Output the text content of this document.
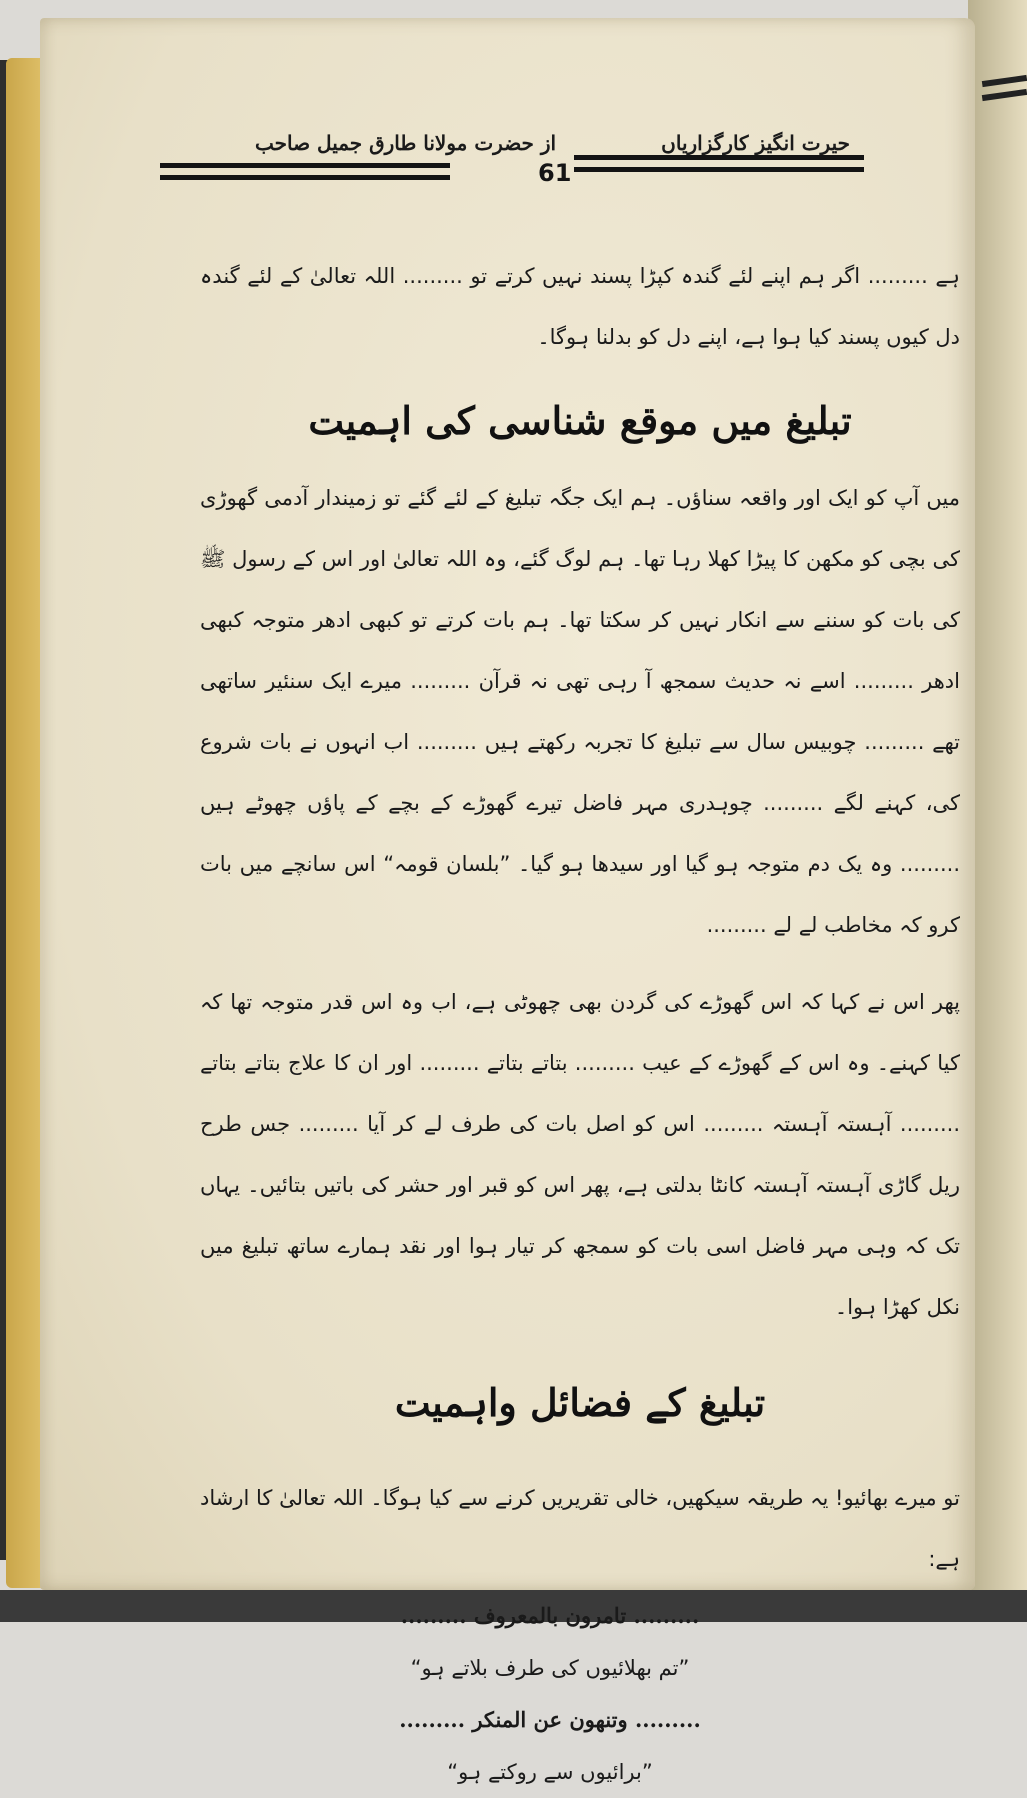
حیرت انگیز کارگزاریاں
از حضرت مولانا طارق جمیل صاحب
61

ہے ......... اگر ہم اپنے لئے گندہ کپڑا پسند نہیں کرتے تو ......... اللہ تعالیٰ کے لئے گندہ دل کیوں پسند کیا ہوا ہے، اپنے دل کو بدلنا ہوگا۔

تبلیغ میں موقع شناسی کی اہمیت

میں آپ کو ایک اور واقعہ سناؤں۔ ہم ایک جگہ تبلیغ کے لئے گئے تو زمیندار آدمی گھوڑی کی بچی کو مکھن کا پیڑا کھلا رہا تھا۔ ہم لوگ گئے، وہ اللہ تعالیٰ اور اس کے رسول ﷺ کی بات کو سننے سے انکار نہیں کر سکتا تھا۔ ہم بات کرتے تو کبھی ادھر متوجہ کبھی ادھر ......... اسے نہ حدیث سمجھ آ رہی تھی نہ قرآن ......... میرے ایک سنئیر ساتھی تھے ......... چوبیس سال سے تبلیغ کا تجربہ رکھتے ہیں ......... اب انہوں نے بات شروع کی، کہنے لگے ......... چوہدری مہر فاضل تیرے گھوڑے کے بچے کے پاؤں چھوٹے ہیں ......... وہ یک دم متوجہ ہو گیا اور سیدھا ہو گیا۔ ”بلسان قومہ“ اس سانچے میں بات کرو کہ مخاطب لے لے .........

پھر اس نے کہا کہ اس گھوڑے کی گردن بھی چھوٹی ہے، اب وہ اس قدر متوجہ تھا کہ کیا کہنے۔ وہ اس کے گھوڑے کے عیب ......... بتاتے بتاتے ......... اور ان کا علاج بتاتے بتاتے ......... آہستہ آہستہ ......... اس کو اصل بات کی طرف لے کر آیا ......... جس طرح ریل گاڑی آہستہ آہستہ کانٹا بدلتی ہے، پھر اس کو قبر اور حشر کی باتیں بتائیں۔ یہاں تک کہ وہی مہر فاضل اسی بات کو سمجھ کر تیار ہوا اور نقد ہمارے ساتھ تبلیغ میں نکل کھڑا ہوا۔

تبلیغ کے فضائل واہمیت

تو میرے بھائیو! یہ طریقہ سیکھیں، خالی تقریریں کرنے سے کیا ہوگا۔ اللہ تعالیٰ کا ارشاد ہے:

......... تامرون بالمعروف .........

”تم بھلائیوں کی طرف بلاتے ہو“

......... وتنھون عن المنکر .........

”برائیوں سے روکتے ہو“
